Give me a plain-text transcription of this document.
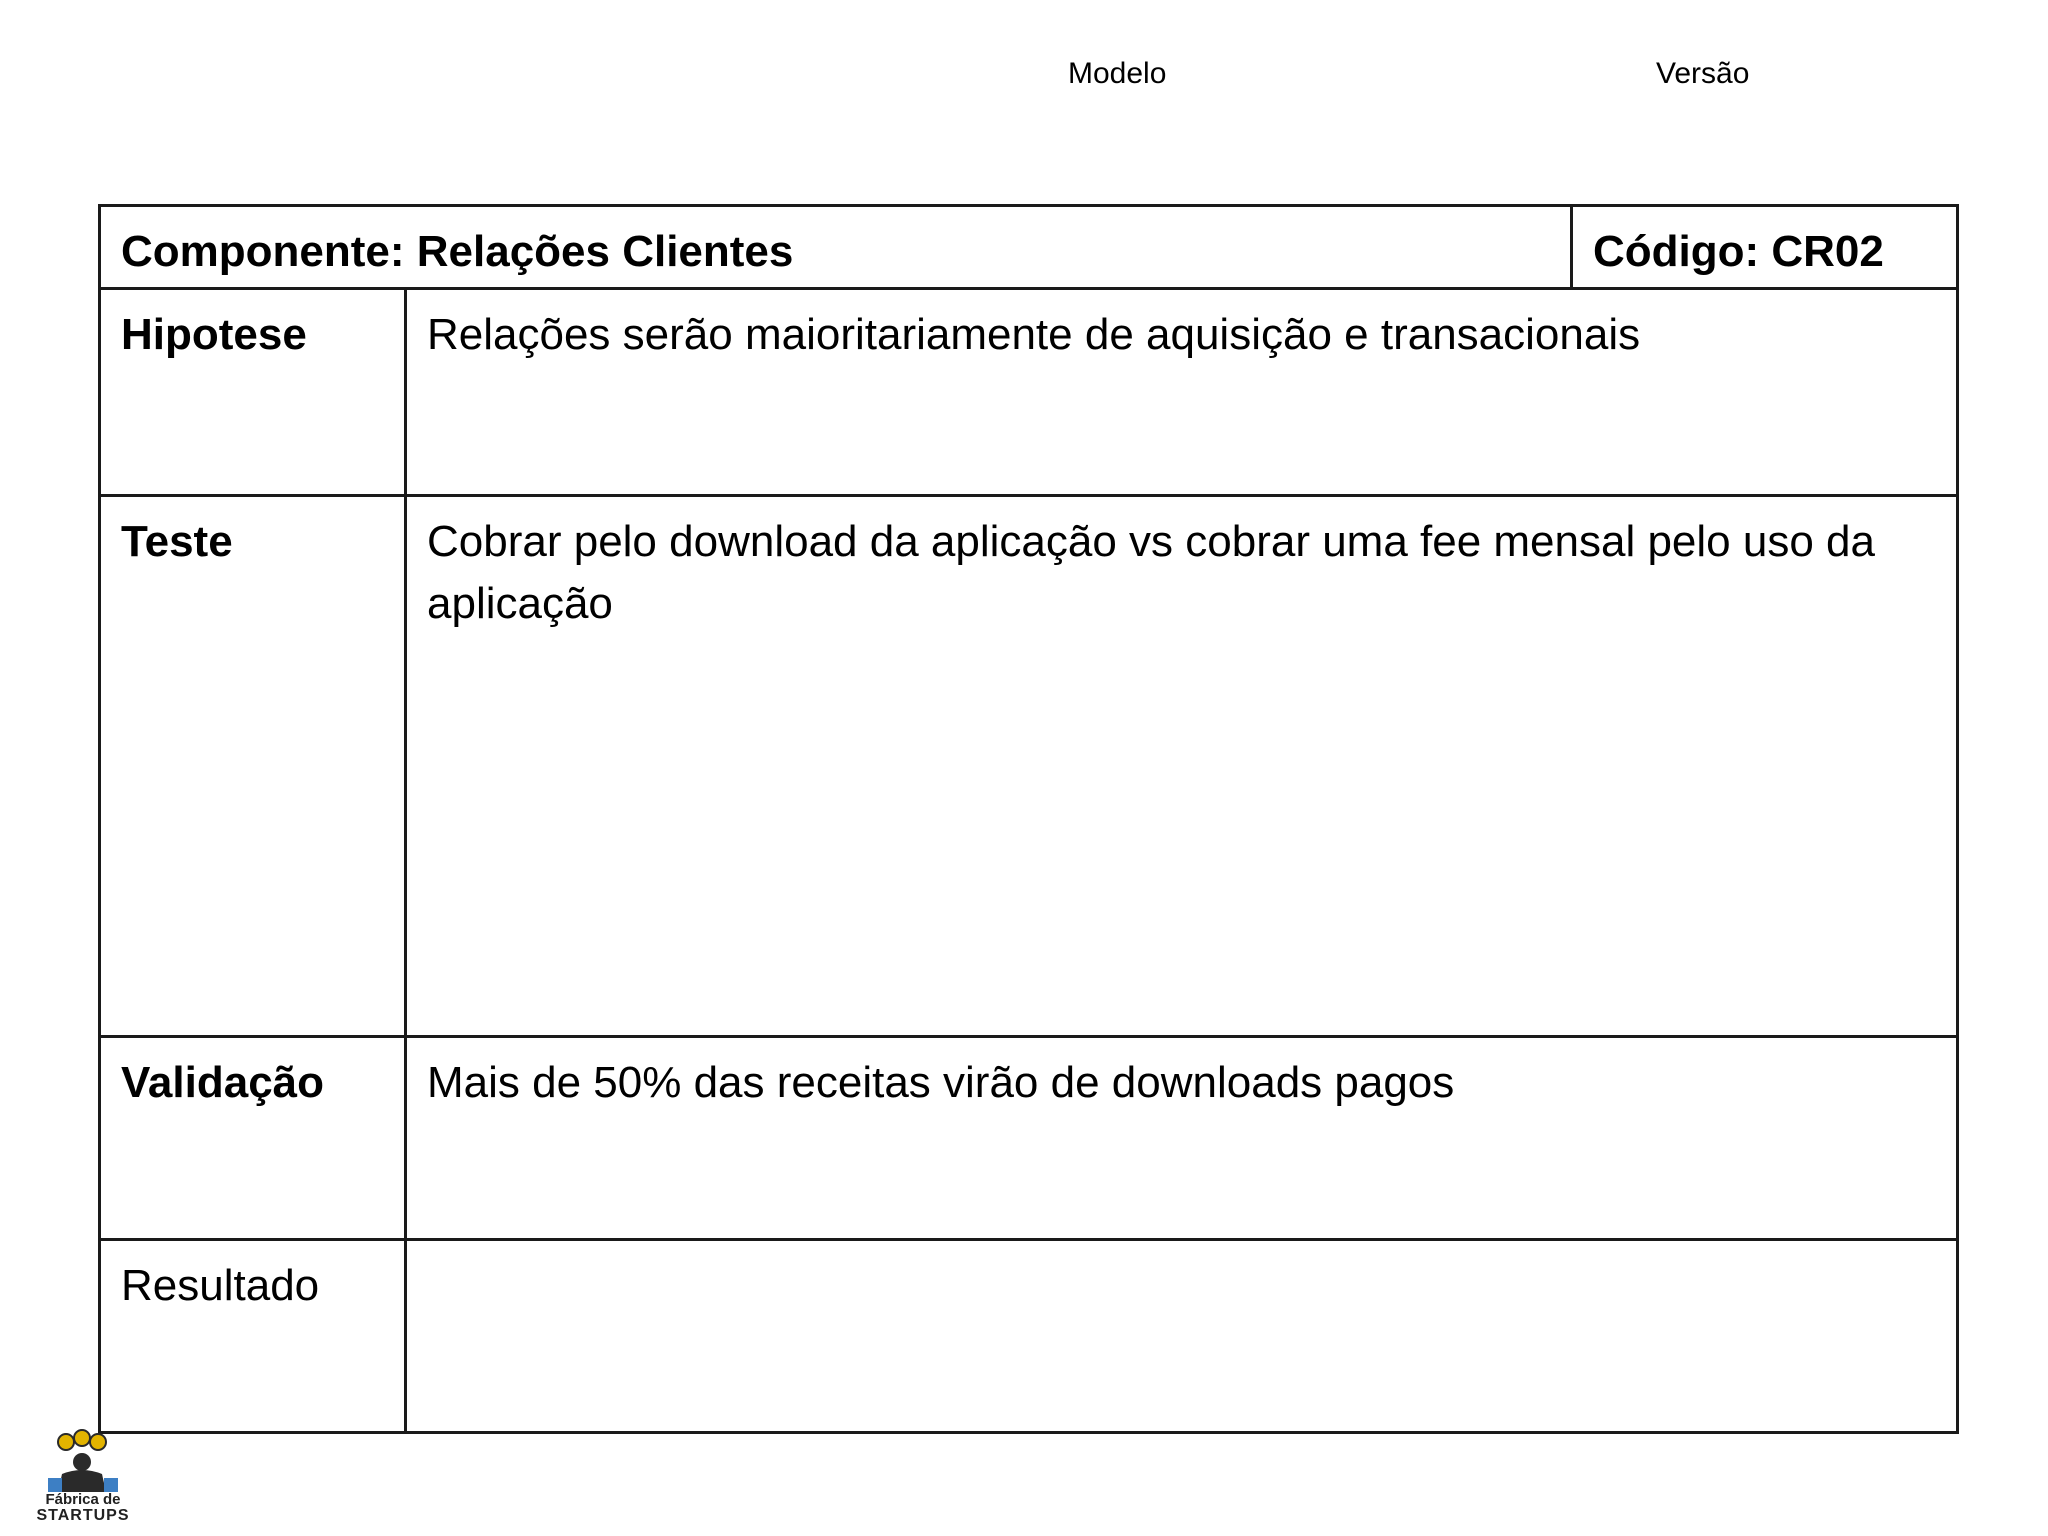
Modelo	Versão
Componente: Relações Clientes		Código: CR02

Hipotese	Relações serão maioritariamente de aquisição e transacionais	

Teste	Cobrar pelo download da aplicação vs cobrar uma fee mensal pelo uso da aplicação	

Validação	Mais de 50% das receitas virão de downloads pagos	

Resultado		

Fábrica de
STARTUPS
